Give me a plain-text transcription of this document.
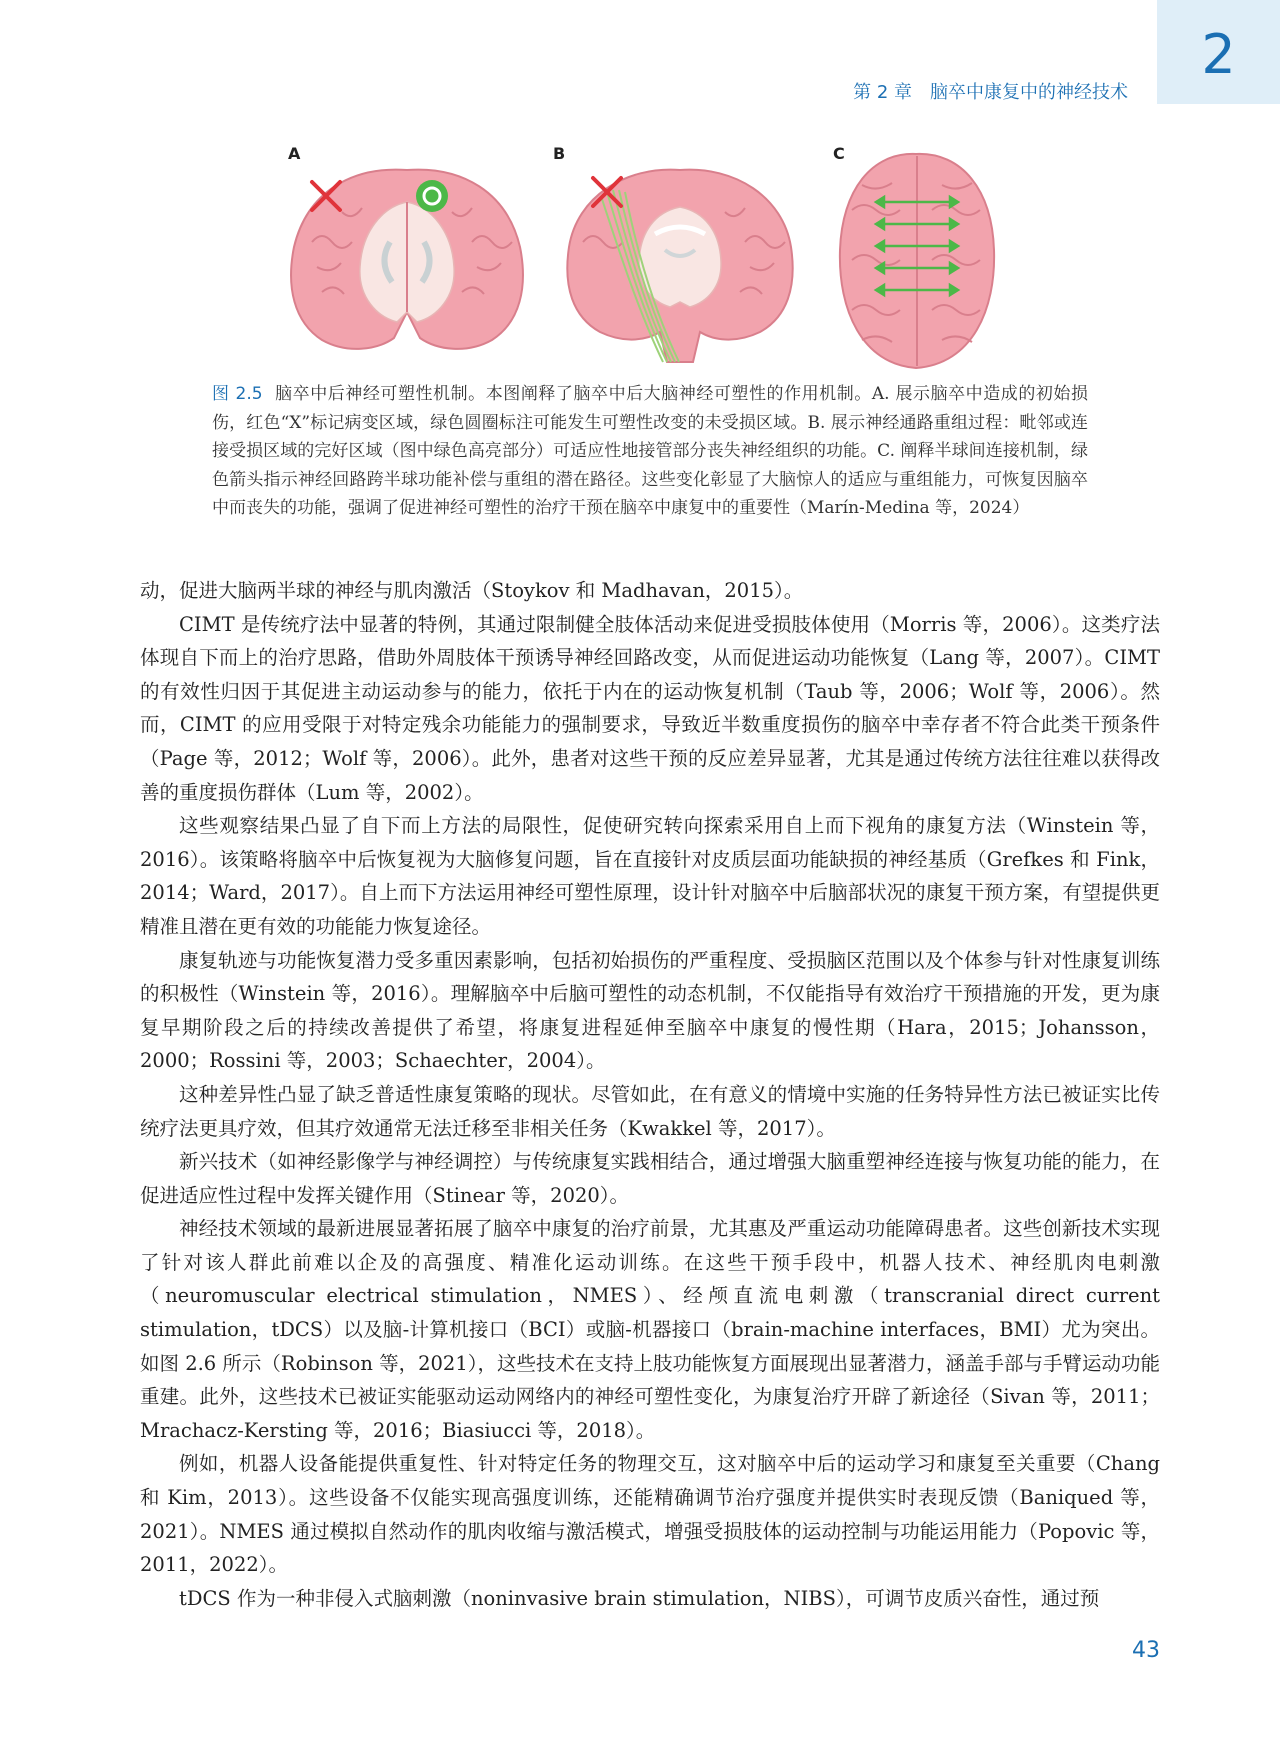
2
第 2 章 脑卒中康复中的神经技术
A	B	C
图 2.5 脑卒中后神经可塑性机制。本图阐释了脑卒中后大脑神经可塑性的作用机制。A. 展示脑卒中造成的初始损伤，红色“X”标记病变区域，绿色圆圈标注可能发生可塑性改变的未受损区域。B. 展示神经通路重组过程：毗邻或连接受损区域的完好区域（图中绿色高亮部分）可适应性地接管部分丧失神经组织的功能。C. 阐释半球间连接机制，绿色箭头指示神经回路跨半球功能补偿与重组的潜在路径。这些变化彰显了大脑惊人的适应与重组能力，可恢复因脑卒中而丧失的功能，强调了促进神经可塑性的治疗干预在脑卒中康复中的重要性（Marín-Medina 等，2024）

动，促进大脑两半球的神经与肌肉激活（Stoykov 和 Madhavan，2015）。

CIMT 是传统疗法中显著的特例，其通过限制健全肢体活动来促进受损肢体使用（Morris 等，2006）。这类疗法体现自下而上的治疗思路，借助外周肢体干预诱导神经回路改变，从而促进运动功能恢复（Lang 等，2007）。CIMT 的有效性归因于其促进主动运动参与的能力，依托于内在的运动恢复机制（Taub 等，2006；Wolf 等，2006）。然而，CIMT 的应用受限于对特定残余功能能力的强制要求，导致近半数重度损伤的脑卒中幸存者不符合此类干预条件（Page 等，2012；Wolf 等，2006）。此外，患者对这些干预的反应差异显著，尤其是通过传统方法往往难以获得改善的重度损伤群体（Lum 等，2002）。

这些观察结果凸显了自下而上方法的局限性，促使研究转向探索采用自上而下视角的康复方法（Winstein 等，2016）。该策略将脑卒中后恢复视为大脑修复问题，旨在直接针对皮质层面功能缺损的神经基质（Grefkes 和 Fink，2014；Ward，2017）。自上而下方法运用神经可塑性原理，设计针对脑卒中后脑部状况的康复干预方案，有望提供更精准且潜在更有效的功能能力恢复途径。

康复轨迹与功能恢复潜力受多重因素影响，包括初始损伤的严重程度、受损脑区范围以及个体参与针对性康复训练的积极性（Winstein 等，2016）。理解脑卒中后脑可塑性的动态机制，不仅能指导有效治疗干预措施的开发，更为康复早期阶段之后的持续改善提供了希望，将康复进程延伸至脑卒中康复的慢性期（Hara，2015；Johansson，2000；Rossini 等，2003；Schaechter，2004）。

这种差异性凸显了缺乏普适性康复策略的现状。尽管如此，在有意义的情境中实施的任务特异性方法已被证实比传统疗法更具疗效，但其疗效通常无法迁移至非相关任务（Kwakkel 等，2017）。

新兴技术（如神经影像学与神经调控）与传统康复实践相结合，通过增强大脑重塑神经连接与恢复功能的能力，在促进适应性过程中发挥关键作用（Stinear 等，2020）。

神经技术领域的最新进展显著拓展了脑卒中康复的治疗前景，尤其惠及严重运动功能障碍患者。这些创新技术实现了针对该人群此前难以企及的高强度、精准化运动训练。在这些干预手段中，机器人技术、神经肌肉电刺激（neuromuscular electrical stimulation，NMES）、经颅直流电刺激（transcranial direct current stimulation，tDCS）以及脑-计算机接口（BCI）或脑-机器接口（brain-machine interfaces，BMI）尤为突出。如图 2.6 所示（Robinson 等，2021），这些技术在支持上肢功能恢复方面展现出显著潜力，涵盖手部与手臂运动功能重建。此外，这些技术已被证实能驱动运动网络内的神经可塑性变化，为康复治疗开辟了新途径（Sivan 等，2011；Mrachacz-Kersting 等，2016；Biasiucci 等，2018）。

例如，机器人设备能提供重复性、针对特定任务的物理交互，这对脑卒中后的运动学习和康复至关重要（Chang 和 Kim，2013）。这些设备不仅能实现高强度训练，还能精确调节治疗强度并提供实时表现反馈（Baniqued 等，2021）。NMES 通过模拟自然动作的肌肉收缩与激活模式，增强受损肢体的运动控制与功能运用能力（Popovic 等，2011，2022）。

tDCS 作为一种非侵入式脑刺激（noninvasive brain stimulation，NIBS），可调节皮质兴奋性，通过预

43
